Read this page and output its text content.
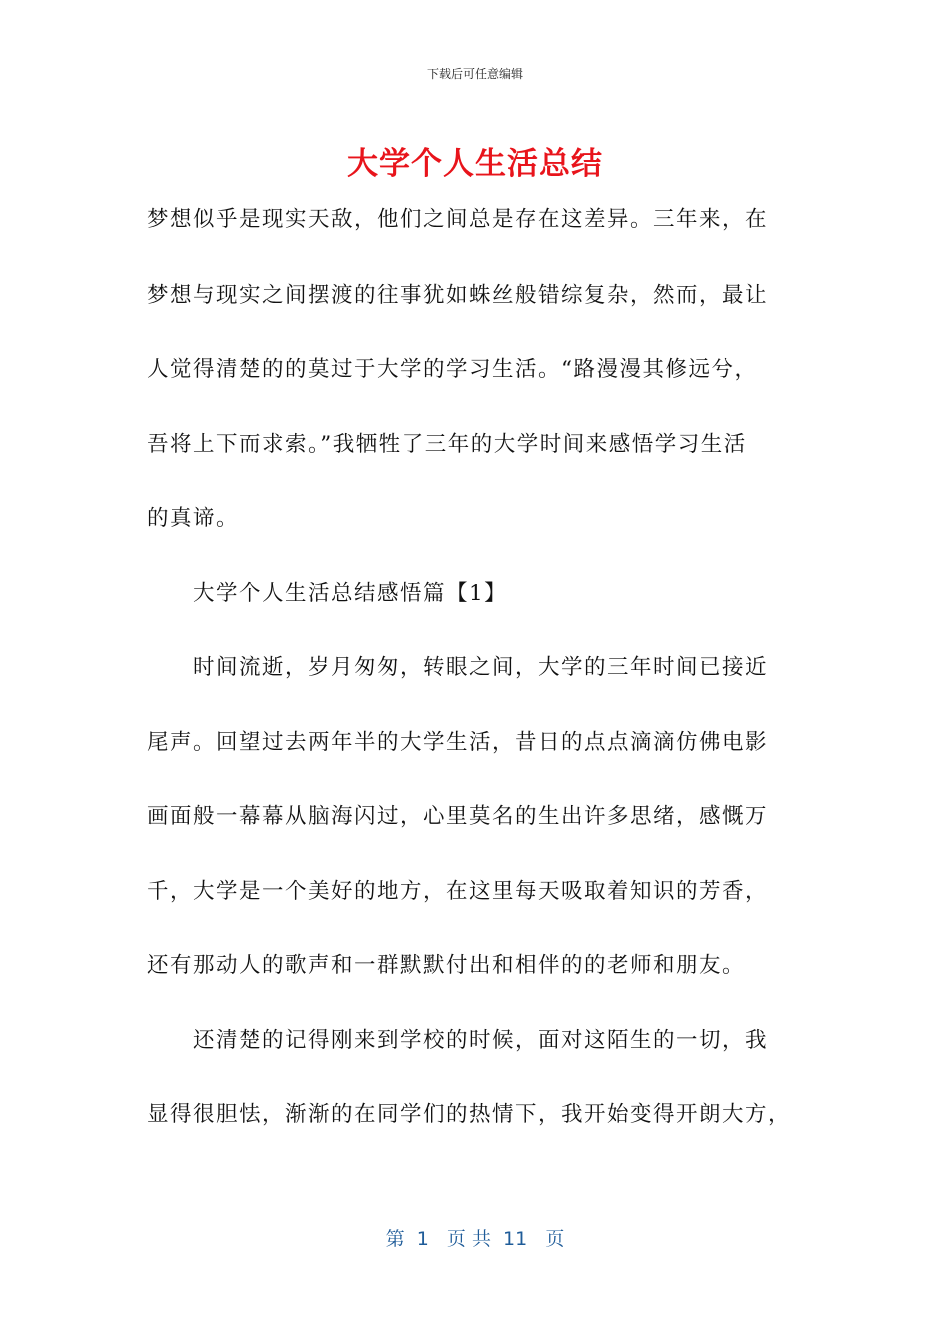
下载后可任意编辑
大学个人生活总结
梦想似乎是现实天敌，他们之间总是存在这差异。三年来，在
梦想与现实之间摆渡的往事犹如蛛丝般错综复杂，然而，最让
人觉得清楚的的莫过于大学的学习生活。“路漫漫其修远兮，
吾将上下而求索。”我牺牲了三年的大学时间来感悟学习生活
的真谛。
大学个人生活总结感悟篇【1】
时间流逝，岁月匆匆，转眼之间，大学的三年时间已接近
尾声。回望过去两年半的大学生活，昔日的点点滴滴仿佛电影
画面般一幕幕从脑海闪过，心里莫名的生出许多思绪，感慨万
千，大学是一个美好的地方，在这里每天吸取着知识的芳香，
还有那动人的歌声和一群默默付出和相伴的的老师和朋友。
还清楚的记得刚来到学校的时候，面对这陌生的一切，我
显得很胆怯，渐渐的在同学们的热情下，我开始变得开朗大方，
第  1   页 共  11   页
